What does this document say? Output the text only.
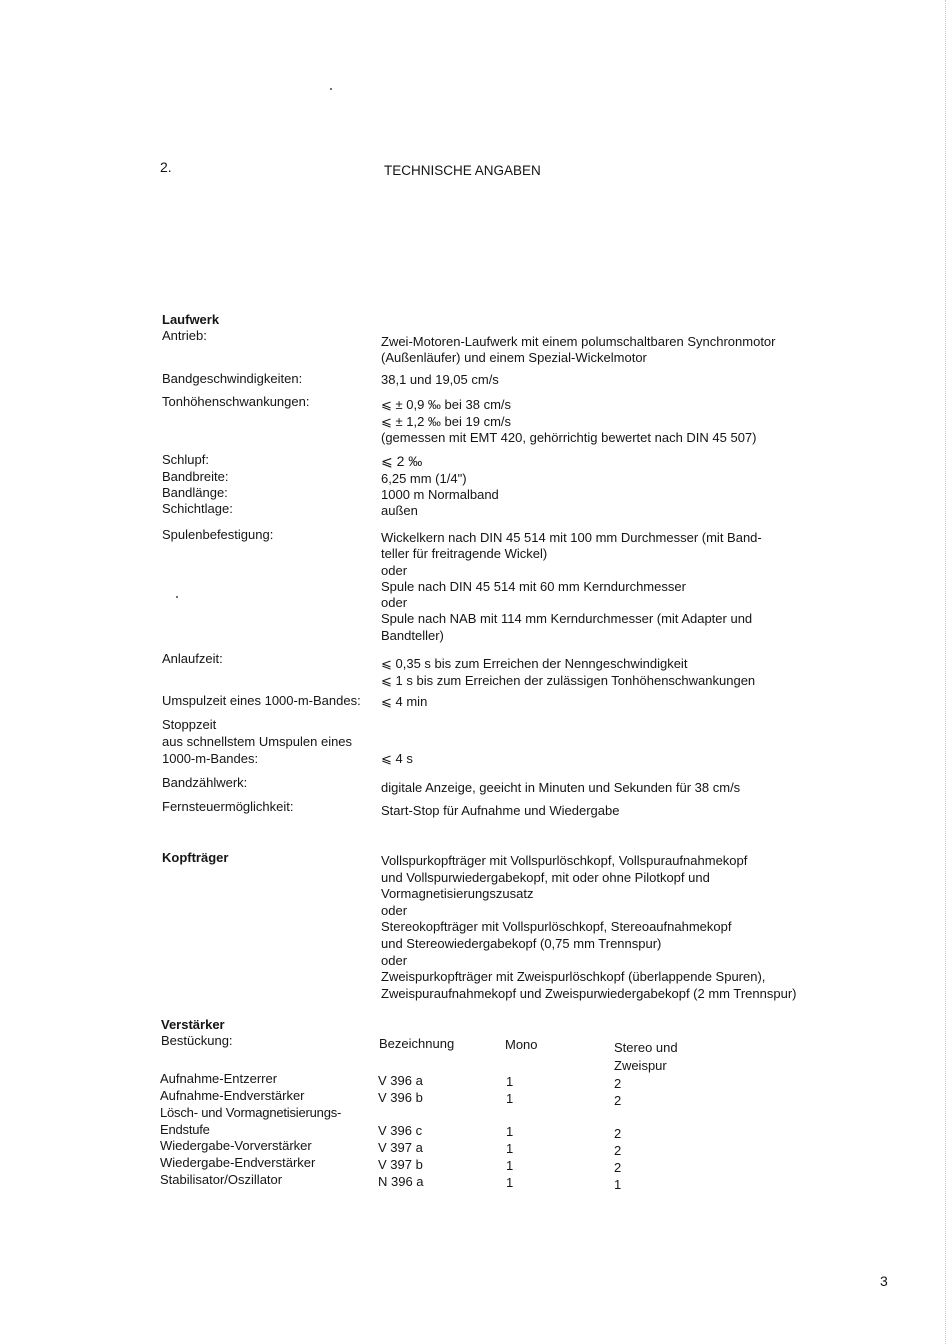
2.	TECHNISCHE ANGABEN
Laufwerk
Antrieb:	Zwei-Motoren-Laufwerk mit einem polumschaltbaren Synchronmotor
(Außenläufer) und einem Spezial-Wickelmotor
Bandgeschwindigkeiten:	38,1 und 19,05 cm/s
Tonhöhenschwankungen:	⩽ ± 0,9 ‰ bei 38 cm/s
⩽ ± 1,2 ‰ bei 19 cm/s
(gemessen mit EMT 420, gehörrichtig bewertet nach DIN 45 507)
Schlupf:	⩽ 2 ‰
Bandbreite:	6,25 mm (1/4")
Bandlänge:	1000 m Normalband
Schichtlage:	außen
Spulenbefestigung:	Wickelkern nach DIN 45 514 mit 100 mm Durchmesser (mit Band-
teller für freitragende Wickel)
oder
Spule nach DIN 45 514 mit 60 mm Kerndurchmesser
oder
Spule nach NAB mit 114 mm Kerndurchmesser (mit Adapter und
Bandteller)
Anlaufzeit:	⩽ 0,35 s bis zum Erreichen der Nenngeschwindigkeit
⩽ 1 s bis zum Erreichen der zulässigen Tonhöhenschwankungen
Umspulzeit eines 1000-m-Bandes: ⩽ 4 min
Stoppzeit
aus schnellstem Umspulen eines
1000-m-Bandes:	⩽ 4 s
Bandzählwerk:	digitale Anzeige, geeicht in Minuten und Sekunden für 38 cm/s
Fernsteuermöglichkeit:	Start-Stop für Aufnahme und Wiedergabe
Kopfträger	Vollspurkopfträger mit Vollspurlöschkopf, Vollspuraufnahmekopf
und Vollspurwiedergabekopf, mit oder ohne Pilotkopf und
Vormagnetisierungszusatz
oder
Stereokopfträger mit Vollspurlöschkopf, Stereoaufnahmekopf
und Stereowiedergabekopf (0,75 mm Trennspur)
oder
Zweispurkopfträger mit Zweispurlöschkopf (überlappende Spuren),
Zweispuraufnahmekopf und Zweispurwiedergabekopf (2 mm Trennspur)
Verstärker
Bestückung:	Bezeichnung	Mono	Stereo und
Zweispur
Aufnahme-Entzerrer	V 396 a	1	2
Aufnahme-Endverstärker	V 396 b	1	2
Lösch- und Vormagnetisierungs-
Endstufe	V 396 c	1	2
Wiedergabe-Vorverstärker	V 397 a	1	2
Wiedergabe-Endverstärker	V 397 b	1	2
Stabilisator/Oszillator	N 396 a	1	1
3
